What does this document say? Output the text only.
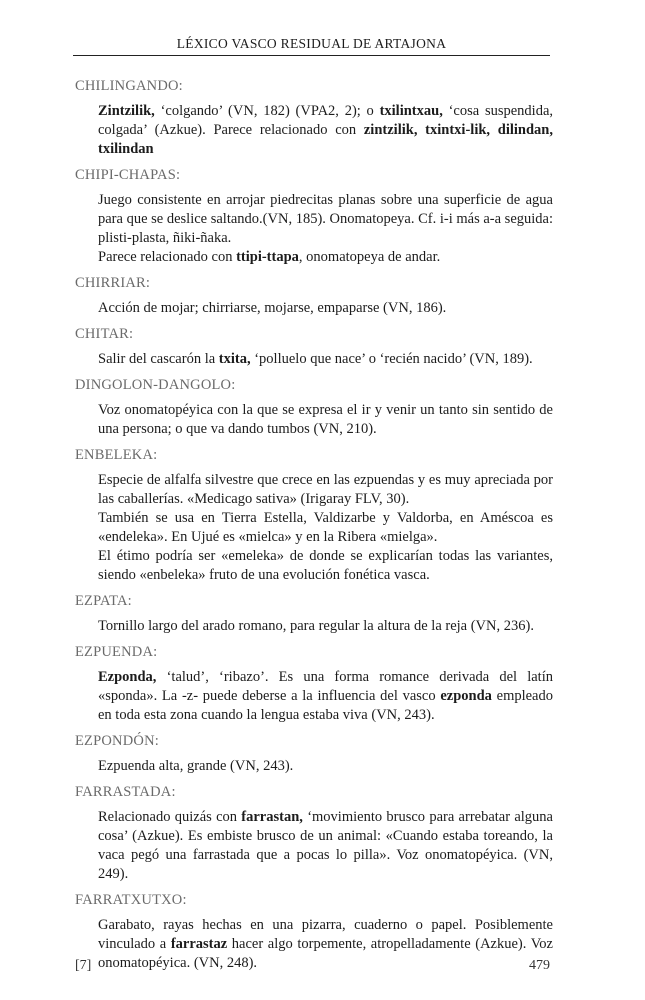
LÉXICO VASCO RESIDUAL DE ARTAJONA
CHILINGANDO:

Zintzilik, ‘colgando’ (VN, 182) (VPA2, 2); o txilintxau, ‘cosa suspendida, colgada’ (Azkue). Parece relacionado con zintzilik, txintxi-lik, dilindan, txilindan

CHIPI-CHAPAS:

Juego consistente en arrojar piedrecitas planas sobre una superficie de agua para que se deslice saltando.(VN, 185). Onomatopeya. Cf. i-i más a-a seguida: plisti-plasta, ñiki-ñaka.

Parece relacionado con ttipi-ttapa, onomatopeya de andar.

CHIRRIAR:

Acción de mojar; chirriarse, mojarse, empaparse (VN, 186).

CHITAR:

Salir del cascarón la txita, ‘polluelo que nace’ o ‘recién nacido’ (VN, 189).

DINGOLON-DANGOLO:

Voz onomatopéyica con la que se expresa el ir y venir un tanto sin sentido de una persona; o que va dando tumbos (VN, 210).

ENBELEKA:

Especie de alfalfa silvestre que crece en las ezpuendas y es muy apreciada por las caballerías. «Medicago sativa» (Irigaray FLV, 30).

También se usa en Tierra Estella, Valdizarbe y Valdorba, en Améscoa es «endeleka». En Ujué es «mielca» y en la Ribera «mielga».

El étimo podría ser «emeleka» de donde se explicarían todas las variantes, siendo «enbeleka» fruto de una evolución fonética vasca.

EZPATA:

Tornillo largo del arado romano, para regular la altura de la reja (VN, 236).

EZPUENDA:

Ezponda, ‘talud’, ‘ribazo’. Es una forma romance derivada del latín «sponda». La -z- puede deberse a la influencia del vasco ezponda empleado en toda esta zona cuando la lengua estaba viva (VN, 243).

EZPONDÓN:

Ezpuenda alta, grande (VN, 243).

FARRASTADA:

Relacionado quizás con farrastan, ‘movimiento brusco para arrebatar alguna cosa’ (Azkue). Es embiste brusco de un animal: «Cuando estaba toreando, la vaca pegó una farrastada que a pocas lo pilla». Voz onomatopéyica. (VN, 249).

FARRATXUTXO:

Garabato, rayas hechas en una pizarra, cuaderno o papel. Posiblemente vinculado a farrastaz hacer algo torpemente, atropelladamente (Azkue). Voz onomatopéyica. (VN, 248).

[7]	479
